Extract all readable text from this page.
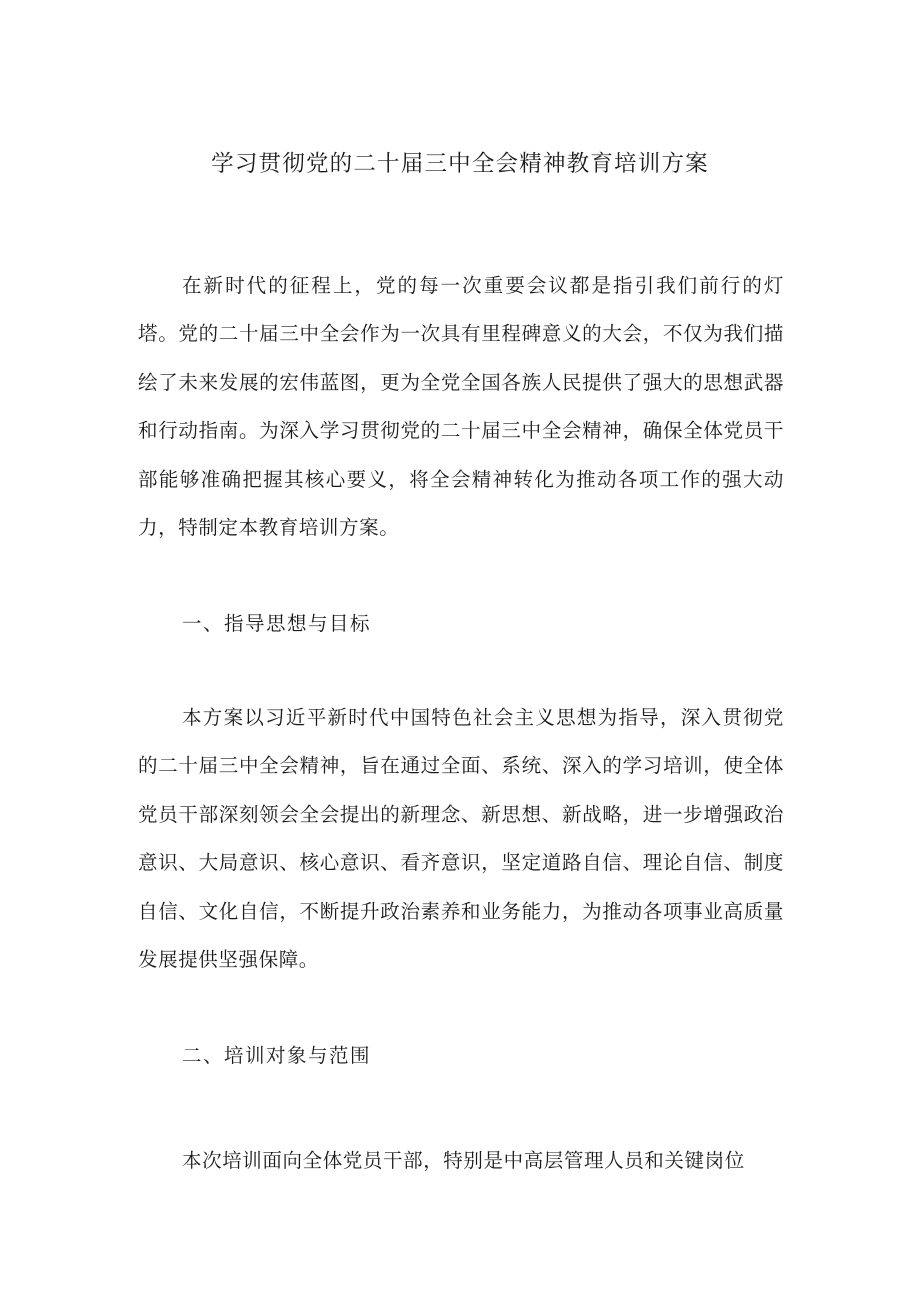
学习贯彻党的二十届三中全会精神教育培训方案

在新时代的征程上，党的每一次重要会议都是指引我们前行的灯塔。党的二十届三中全会作为一次具有里程碑意义的大会，不仅为我们描绘了未来发展的宏伟蓝图，更为全党全国各族人民提供了强大的思想武器和行动指南。为深入学习贯彻党的二十届三中全会精神，确保全体党员干部能够准确把握其核心要义，将全会精神转化为推动各项工作的强大动力，特制定本教育培训方案。

一、指导思想与目标

本方案以习近平新时代中国特色社会主义思想为指导，深入贯彻党的二十届三中全会精神，旨在通过全面、系统、深入的学习培训，使全体党员干部深刻领会全会提出的新理念、新思想、新战略，进一步增强政治意识、大局意识、核心意识、看齐意识，坚定道路自信、理论自信、制度自信、文化自信，不断提升政治素养和业务能力，为推动各项事业高质量发展提供坚强保障。

二、培训对象与范围

本次培训面向全体党员干部，特别是中高层管理人员和关键岗位
